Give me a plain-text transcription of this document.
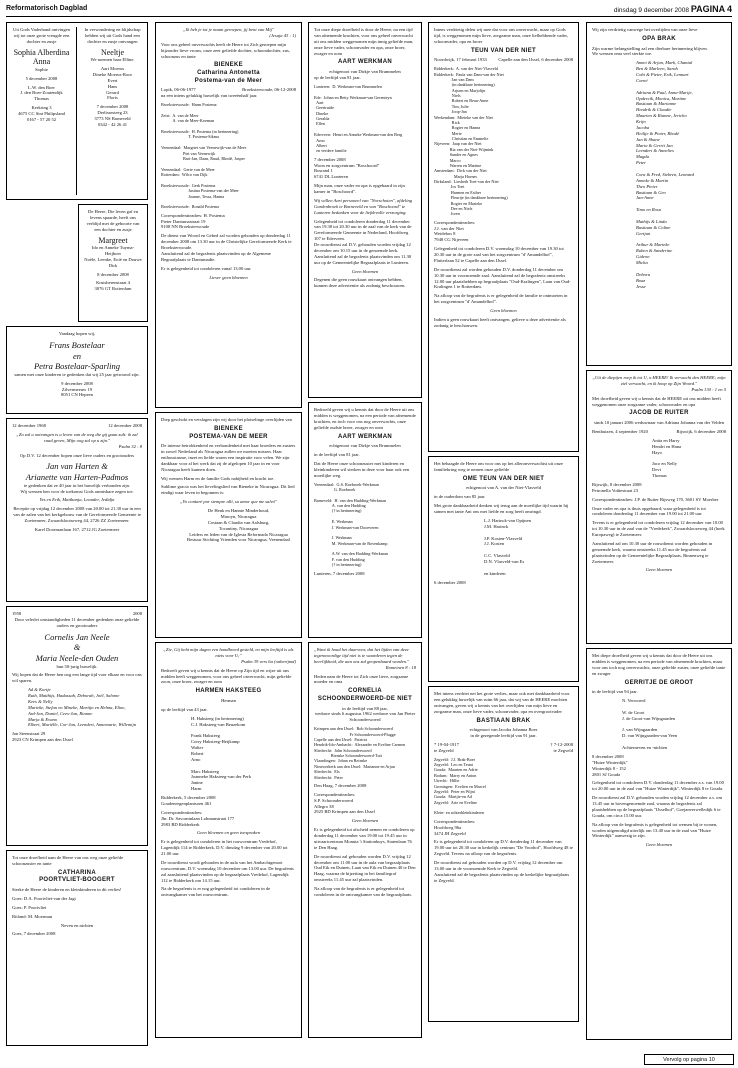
Reformatorisch Dagblad	dinsdag 9 december 2008 PAGINA 4
Uit Gods Vaderhand ontvingen wij tot onze grote vreugde een dochter en zusje
Sophia Alberdina Anna
Sophie
5 december 2008
L.W. den Boer
J. den Boer-Zoutendijk
Thomas
Kerkring 3
4675 CC Sint Philipsland
0167 - 57 20 52
In verwondering en blijdschap hebben wij uit Gods hand een dochter en zusje ontvangen
Neeltje
We noemen haar Elline.
Aart Moerus
Dineke Moerus-Roor
Evert
Hans
Gerard
Floris
7 december 2008
Derlissesteeg 23
3773 NS Barneveld
0342 - 42 26 41
De Heere, Die leven gaf en levens spaarde, heeft ons verblijd met de geboorte van een dochter en zusje
Margreet
Ido en Anneke Tuyma-Heijboer
Noële, Leenke, Eoië en Douwe Dirk
8 december 2008
Kruisherenstraat 4
3076 GT Rotterdam
Vandaag hopen wij,
Frans Bostelaar
en
Petra Bostelaar-Sparling
samen met onze kinderen te gedenken dat wij 25 jaar getrouwd zijn.
9 december 2008
Zilvermeeuw 19
8051 CN Hepeen
12 december 1968	12 december 2008
„Zo zal u ontvangen is u leven van de weg die gij gaan zult: ik zal raad geven, Mijn oog zal op u zijn."
Psalm 32 : 8
Op D.V. 12 december hopen onze lieve ouders en grootouders
Jan van Harten &
Arianette van Harten-Padmos
te gedenken dat ze 40 jaar in het huwelijk verbonden zijn.
Wij wensen hen voor de toekomst Gods onmisbare zegen toe.
Yes en Erik, Matthanja, Leander, Jedidja
Receptie op vrijdag 12 december 2008 van 20.00 tot 21.30 uur in een van de zalen van het kerkgebouw van de Gereformeerde Gemeente te Zoetermeer, Zwaardslootseweg 44, 2726 ZZ Zoetermeer.
Karel Doormanlaan 167, 2712 JG Zoetermeer
1958	2008
Door velerlei omstandigheden 11 december gedenken onze geliefde ouders en grootouders
Cornelis Jan Neele
&
Maria Neele-den Ouden
hun 50-jarig huwelijk.
Wij hopen dat de Heere hen nog een lange tijd voor elkaar en voor ons wil sparen.
Ad & Kortje
Ruth, Matthijs, Hadassah, Deborah, Joël, Salome
Kees & Nelly
Marieke, Stefan en Mineke, Martijn en Helma, Eline,
Ard-Jan, Daniel, Cees-Jan, Rianne
Marja & Evano
Elbert, Mariëlle, Cor-Jan, Leendert, Annemarie, Willemijn
Jan Steenstraat 29
2923 CN Krimpen aan den IJssel
Tot onze droefheid nam de Heere van ons weg onze geliefde schoonzuster en tante
CATHARINA
POORTVLIET-BOOGERT
Sterke de Heere de kinderen en kleinkinderen in dit verlies!
Goes: D.A. Poortvliet-van der Jagt
Goes: P. Poortvliet
Ritland: M. Moerman
Neven en nichten
Goes, 7 december 2008
„Ik heb je tot je naam geroepen, jij bent van Mij"
(Jesaja 43 : 1)
Voor ons geheel onverwachts heeft de Heere tot Zich geroepen mijn bijzonder lieve vrouw, onze zeer geliefde dochter, schoondochter, zus, schoonzus en tante
BIENEKE
Catharina Antonetta
Postema-van de Meer
Lopik, 06-06-1977	Broeksterwoude, 06-12-2008
na een intens gelukkig huwelijk van tweeënhalf jaar.
Broeksterwoude:  Harm Postema

Zeist:  A. van de Meer
A. van de Meer-Koeman

Broeksterwoude:  H. Postema (in herinnering)
T. Postema-Sikma

Veenendaal:  Margriet van Veenewijk-van de Meer
Piet van Veenewijk
Bart-Jan, Daan, Ruud, Rhodé, Jasper

Veenendaal:  Gerte van de Meer
Rotterdam:  Wilco van Dijk

Broeksterwoude:  Gerk Postema
Justina Postema-van der Meer
Joanne, Tessa, Hanna

Broeksterwoude:  Ronald Postema
Correspondentieadres: H. Postema
Pieter Dantumastraat 19
9108 NN Broeksterwoude
De dienst van Woord en Gebed zal worden gehouden op donderdag 11 december 2008 om 13.30 uur in de Christelijke Gereformeerde Kerk te Broeksterwoude.
Aansluitend zal de begrafenis plaatsvinden op de Algemene Begraafplaats te Dantumadie.
Er is gelegenheid tot condoleren vanaf 13.00 uur.
Liever geen bloemen
Diep geschokt en verslagen zijn wij door het plotselinge overlijden van
BIENEKE
POSTEMA-VAN DE MEER
De intense betrokkenheid en verbondenheid met haar broeders en zusters in zowel Nederland als Nicaragua zullen we moeten missen. Haar enthousiasme, inzet en liefde waren een inspiratie voor velen. We zijn dankbaar voor al het werk dat zij de afgelopen 10 jaar in en voor Nicaragua heeft kunnen doen.
Wij wensen Harm en de familie Gods nabijheid en kracht toe.
Sublime gracia was het lievelingslied van Bieneke in Nicaragua. Dit lied eindigt waar leven in begonnen is:
„Yo contaré por siempre allí, su amor que me salvó"
De Henk en Hannie Minderhoud,
Maroyn, Nicaragua
Costaan & Claudia van Aalsburg,
Tocantiny, Nicaragua
Leiders en leden van de Iglesia Reformada Nicaragua
Bestuur Stichting Vrienden voor Nicaragua, Veenendaal
„Zie, Gij hebt mijn dagen een handbreed gesteld, en mijn leeftijd is als niets voor U;"
Psalm 39 vers 6a (onberijmd)
Bedroeft geven wij u kennis dat de Heere op Zijn tijd en wijze uit ons midden heeft weggenomen, voor ons geheel onverwacht, mijn geliefde zoon, onze broer, zwager en oom
HARMEN HAKSTEEG
Herman
op de leeftijd van 43 jaar.
H. Haksteeg (in herinnering)
C.J. Haksteeg-van Beuzekom

Frank Haksteeg
Corry Haksteeg-Heijkamp
Walter
Robert
Arno

Marc Haksteeg
Joanneke Haksteeg-van der Perk
Janine
Harm
Ridderkerk, 5 december 2008
Goudenregenplantsoen 461
Correspondentieadres:
Jhr. Dr. Savorninlaan Lohmanstraat 177
2983 BD Ridderkerk
Geen bloemen en geen toespraken
Er is gelegenheid tot condoleren in het rouwcentrum Vredehof, Lagendijk 114 te Ridderkerk, D.V. dinsdag 9 december van 20.00 tot 21.00 uur.
De rouwdienst wordt gehouden in de aula van het Ambachtgenoot rouwcentrum, D.V. woensdag 10 december om 13.00 uur. De begrafenis zal aansluitend plaatsvinden op de begraafplaats Vredehof, Lagendijk 112 te Ridderkerk om 14.15 uur.
Na de begrafenis is er nog gelegenheid tot condoleren in de ontvangkamer van het rouwcentrum.
Tot onze diepe droefheid is door de Heere, na een tijd van afnemende krachten, voor ons geheel onverwacht uit ons midden weggenomen mijn innig geliefde man, onze lieve vader, schoonvader en opa, onze broer, zwager en oom
AART WERKMAN
echtgenoot van Dirkje van Brummelen
op de leeftijd van 81 jaar.
Lunteren:  D. Werkman-van Brummelen

Ede:  Johan en Betty Werkman-van Gerenteyn
Aart
Geertruide
Dineke
Geralda
Ellen

Ederveen:  Henri en Anneke Werkman-van den Berg
Arno
Albert
en verdere familie
7 december 2008
Woon en zorgcentrum "Boschoord"
Bosrand 1
6741 DL Lunteren
Mijn man, onze vader en opa is opgebaard in zijn kamer in "Boschoord".
Wij willen Aart personeel van "Norschoten", afdeling Gardenbroek te Barneveld en van "Boschoord" te Lunteren bedanken voor de liefdevolle verzorging.
Gelegenheid tot condoleren donderdag 11 december van 19.30 tot 20.30 uur in de zaal van de kerk van de Gereformeerde Gemeente in Nederland, Hoofdweg 107 te Ederveen.
De rouwdienst zal D.V. gehouden worden vrijdag 12 december om 10.15 uur in de genoemde kerk.
Aansluitend zal de begrafenis plaatsvinden om 11.30 uur op de Gemeentelijke Begraafplaats te Lunteren.
Geen bloemen
Degenen die geen rouwkaart ontvangen hebben, kunnen deze advertentie als zodanig beschouwen.
Bedroefd geven wij u kennis dat door de Heere uit ons midden is weggenomen, na een periode van afnemende krachten, en toch voor ons nog onverwachts, onze geliefde oudste broer, zwager en oom
AART WERKMAN
echtgenoot van Dirkje van Brummelen
in de leeftijd van 81 jaar.
Dat de Heere onze schoonzuster met kinderen en kleinkinderen wil sterken in deze voor haar ook een moeilijke weg.
Veenendaal:  G.S. Roebroek-Werkman
G. Roebroek

Barneveld:  H. van den Hudding-Werkman
A. van den Hudding
(† in herinnering)

E. Werkman
J. Werkman-van Dooeveren

J. Werkman
M. Werkman-van de Bovenkamp

A.W. van den Hudding-Werkman
F. van den Hudding
(† in herinnering)
Lunteren, 7 december 2008
„Want ik houd het daarvoor, dat het lijden van deze tegenwoordige tijd niet is te waarderen tegen de heerlijkheid, die aan ons zal geopenbaard worden."
Romeinen 8 : 18
Heden nam de Heere tot Zich onze lieve, zorgzame moeder en oma
CORNELIA
SCHOONDERWOERD-DE NIET
in de leeftijd van 88 jaar,
weduwe sinds 6 augustus 1962 weduwe van Jan Pieter Schoonderwoerd
Krimpen aan den IJssel:  Bob Schoonderwoerd
Fr Schoonderwoerd-Plugge
Capelle aan den IJssel:  Patricia
Hendrik-Ido-Ambacht:  Alexander en Eveline Carmen
Sliedrecht:  John Schoonderwoerd
Bienske Schoonderwoerd-Tuit
Vlaardingen:  Johan en Reinske
Nieuwerkerk aan den IJssel:  Marianne en Arjan
Sliedrecht:  Els
Sliedrecht:  Peter
Den Haag, 7 december 2008
Correspondentieadres:
S.P. Schoonderwoerd
Allegro 38
2925 BD Krimpen aan den IJssel
Geen bloemen
Er is gelegenheid tot afscheid nemen en condoleren op donderdag 11 december van 19.00 tot 19.45 uur in uitvaartcentrum Monuta 't Stationhuys, Statenlaan 76 te Den Haag.
De rouwdienst zal gehouden worden D.V. vrijdag 12 december om 11.00 uur in de aula van begraafplaats Oud Eik en Duinen, Laan van Eik en Duinen 40 te Den Haag, waarna de bijzetting in het familiegraf omstreeks 11.45 uur zal plaatsvinden.
Na afloop van de begrafenis is er gelegenheid tot condoleren in de ontvangkamer van de begraafplaats.
Intens verdrietig delen wij mee dat voor ons onverwacht, maar op Gods tijd, is weggenomen mijn lieve, zorgzame man, onze liefhebbende vader, schoonvader, opa en broer
TEUN VAN DER NIET
Noordwijk, 17 februari 1933	Capelle aan den IJssel, 6 december 2008
Ridderkerk:  A. van der Niet-Vlasveld
Ridderkerk:  Paula van Dam-van der Niet
Jan van Dam
(in dankbare herinnering)
Arjuen en Marjolijn
Niels
Robert en Beau-Anne
Tim, Julie
Joop-Jan
Werkendam:  Mieteke van der Niet
Rick
Rogier en Hanna
Merie
Christian en Emmelie
Nijeveen:  Jaap van der Niet
Ria van der Niet-Wijmink
Sander en Agnes
Marco
Warren en Martine
Amsterdam:  Dick van der Niet
Marja Hornes
Dirksland:  Liesbeth Toet-van der Niet
Jos Toet
Harmen en Esther
Fleurije (in dankbare herinnering)
Rogier en Marieke
Dee en Niels
Joren
Correspondentieadres:
J.J. van der Niet
Weidebos 8
7948 CG Nijeveen
Gelegenheid tot condoleren D.V. woensdag 10 december van 19.30 tot 20.30 uur in de grote zaal van het zorgcentrum "d' Amandelhof", Fluiterlaan 52 te Capelle aan den IJssel.
De rouwdienst zal worden gehouden D.V. donderdag 11 december om 10.30 uur in voornoemde zaal. Aansluitend zal de begrafenis omstreeks 12.00 uur plaatshebben op begraafplaats "Oud-Kralingen", Laan van Oud-Kralingen 1 te Rotterdam.
Na afloop van de begrafenis is er gelegenheid de familie te ontmoeten in het zorgcentrum "d' Amandelhof".
Geen bloemen
Indien u geen rouwkaart heeft ontvangen, gelieve u deze advertentie als zodanig te beschouwen.
Het behaagde de Heere om voor ons op het alleronverwachtst uit onze familiekring weg te nemen onze geliefde
OME TEUN VAN DER NIET
echtgenoot van A. van der Niet-Vlasveld
in de ouderdom van 85 jaar.
Met grote dankbaarheid denken wij terug aan de moeilijke tijd waarin hij samen met tante Ant ons met liefde en zorg heeft omringd.
L.J. Harinck-van Opijnen
J.M. Harinck

J.P. Kosten-Vlasveld
J.J. Kosten

C.C. Vlasveld
D.N. Vlasveld-van Es

en kinderen
6 december 2008
Met intens verdriet net het grote verlies, maar ook met dankbaarheid voor een gelukkig huwelijk van ruim 66 jaar, dat wij van de HEERE mochten ontvangen, geven wij u kennis van het overlijden van mijn lieve en zorgzame man, onze lieve vader, schoonvader, opa en overgrootvader
BASTIAAN BRAK
echtgenoot van Jacoba Johanna Boer
in de gezegende leeftijd van 91 jaar.
* 19-04-1917
te Zegveld
† 7-12-2008
te Zegveld
Zegveld:  J.J. Brak-Boer
Zegveld:  Leo en Teuni
Gouda:  Maarten en Adrie
Bodum:  Marry en Anton
Utrecht:  Hillie
Groningen:  Evelien en Marcel
Zegveld:  Peter en Wijni
Gouda:  Martjie-en Ad
Zegveld:  Arie en Eveline

Klein- en achterkleinkinderen
Correspondentieadres:
Hoofdweg 96a
3474 JH Zegveld
Er is gelegenheid tot condoleren op D.V. donderdag 11 december van 19.00 uur tot 20.30 uur in kerkelijk centrum "De Voorhof", Hoofdweg 48 te Zegveld. Tevens na afloop van de begrafenis.
De rouwdienst zal gehouden worden op D.V. vrijdag 12 december om 13.00 uur in de voornoemde Kerk te Zegveld.
Aansluitend zal de begrafenis plaatsvinden op de kerkelijke begraafplaats te Zegveld.
Wij zijn verdrietig vanwege het overlijden van onze lieve
OPA BRAK
Zijn warme belangstelling zal een dierbare herinnering blijven.
We wensen oma veel sterkte toe.
Annet & Arjan, Mark, Chantal
Ben & Marleen, Sarah
Cobi & Pieter, Erik, Lennart
Corné

Adriana & Paul, Anna-Marije,
Opdercik, Monica, Martine
Bastiaan & Marianne
Hendrik & Claudie
Maarten & Rianne, Jericho
Krijn
Jacoba
Heiltje & Pieter, Rhodé
Jan & Shane
Maria & Gerrit Jan
Leendert & Annelies
Magda
Peter

Cora & Fred, Siebren, Lennard
Anneke & Martin
Theo Pieter
Bastiaan & Geo
Jan-Anne

Timo en Rosa

Mathijs & Linda
Bastiaan & Coline
Gertjan

Arthur & Marieke
Ruben & Sanderine
Gideon
Micha

Debora
Boaz
Jesse
„Uit de dieptjen roep ik tot U, o HEERE! Ik verwacht den HEERE; mijn ziel verwacht, en ik hoop op Zijn Woord."
Psalm 130 : 1 en 5
Met droefheid geven wij u kennis dat de HEERE uit ons midden heeft weggenomen onze zorgzame vader, schoonvader en opa
JACOB DE RUITER
sinds 10 januari 2006 weduwnaar van Adriana Johanna van der Velden
Benthuizen, 4 september 1920	Rijswijk, 6 december 2008
Anita en Harry
Hendri en Hana
Hayo

Jaco en Nelly
Devi
Thomas
Rijswijk, 8 december 2008
Petronella Voûtestraat 23
Correspondentieadres: J.P. de Ruiter Bijsweg 170, 3601 SV Moerber
Onze vader en opa is thuis opgebaard; waar gelegenheid is tot condoleren donderdag 11 december van 19.00 tot 21.00 uur.
Tevens is er gelegenheid tot condoleren vrijdag 12 december van 10.00 tot 10.30 uur in de zaal van de "Vredekerk", Zwaardsloozeweg 44 (hoek Europaweg) te Zoetermeer.
Aansluitend zal om 10.30 uur de rouwdienst worden gehouden in genoemde kerk, waarna omstreeks 11.45 uur de begrafenis zal plaatsvinden op de Gemeentelijke Begraafplaats, Binnenweg te Zoetermeer.
Geen bloemen
Met diepe droefheid geven wij u kennis dat door de Heere uit ons midden is weggenomen, na een periode van afnemende krachten, maar voor ons toch nog onverwachts, onze geliefde zuster, onze geliefde tante en zwager
GERRITJE DE GROOT
in de leeftijd van 94 jaar.
N. Verwoerd

W. de Groot
J. de Groot-van Wijngaarden

J. van Wijngaarden
D. van Wijngaarden-van Veen

Achterneven en -nichten
8 december 2008
"Huize Winterdijk"
Winterdijk 8 - 152
2801 SJ Gouda
Gelegenheid tot condoleren D.V. donderdag 11 december a.s. van 19.00 tot 20.00 uur in de zaal van "Huize Winterdijk", Winterdijk 8 te Gouda.
De rouwdienst zal D.V. gehouden worden vrijdag 12 december a.s. om 13.45 uur in bovengenoemde zaal, waarna de begrafenis zal plaatshebben op de begraafplaats "IJsselhof", Goejanverwelledijk 6 te Gouda, om circa 15.00 uur.
Na afloop van de begrafenis is gelegenheid tot wensen bij te wonen, worden uitgenodigd uiterlijk om 13.40 uur in de zaal van "Huize Winterdijk" aanwezig te zijn.
Geen bloemen
Vervolg op pagina 10
